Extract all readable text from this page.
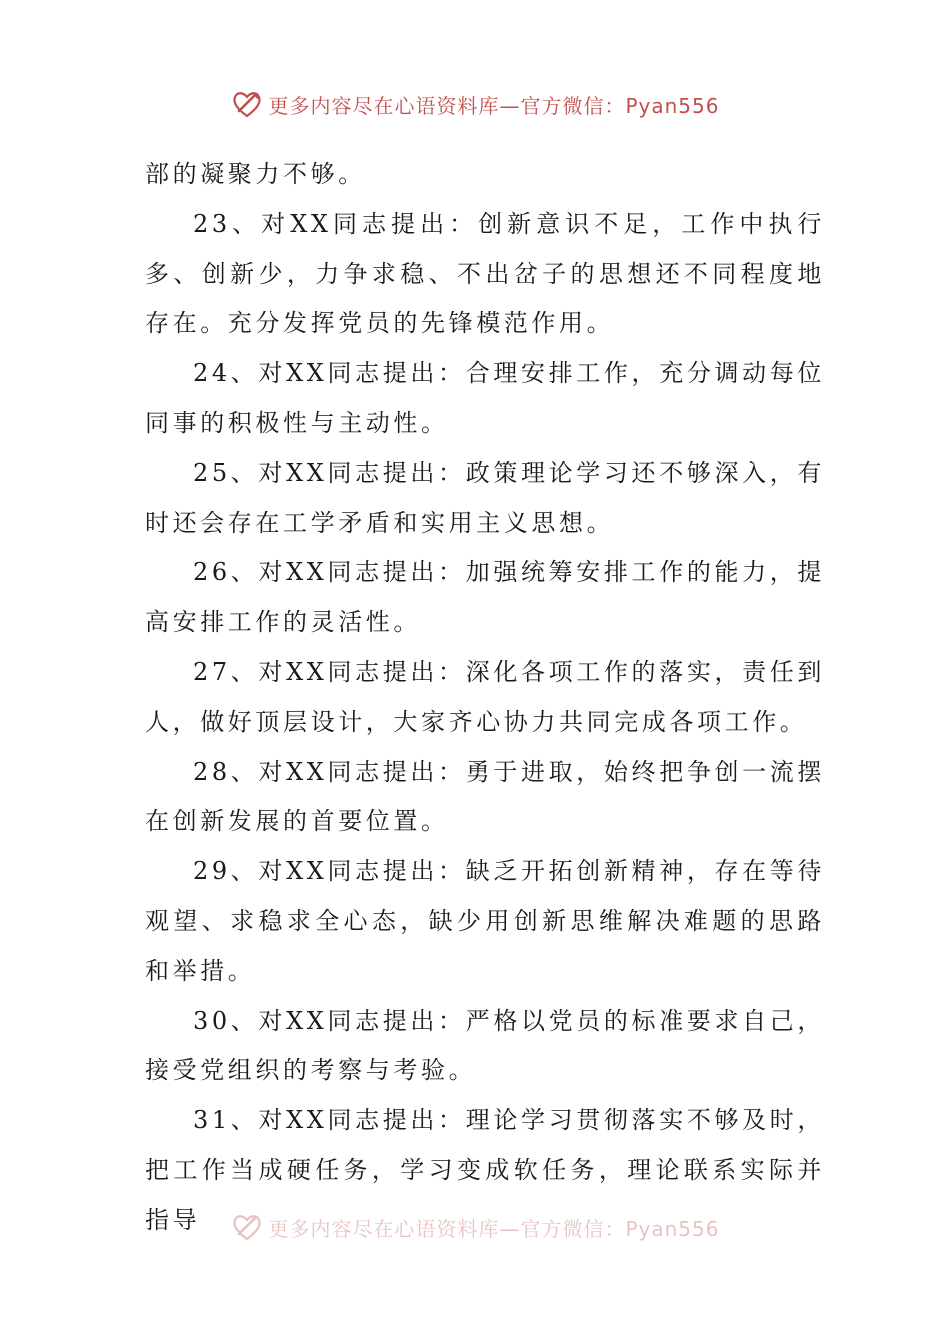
更多内容尽在心语资料库—官方微信：Pyan556

部的凝聚力不够。

23、对XX同志提出：创新意识不足，工作中执行多、创新少，力争求稳、不出岔子的思想还不同程度地存在。充分发挥党员的先锋模范作用。

24、对XX同志提出：合理安排工作，充分调动每位同事的积极性与主动性。

25、对XX同志提出：政策理论学习还不够深入，有时还会存在工学矛盾和实用主义思想。

26、对XX同志提出：加强统筹安排工作的能力，提高安排工作的灵活性。

27、对XX同志提出：深化各项工作的落实，责任到人，做好顶层设计，大家齐心协力共同完成各项工作。

28、对XX同志提出：勇于进取，始终把争创一流摆在创新发展的首要位置。

29、对XX同志提出：缺乏开拓创新精神，存在等待观望、求稳求全心态，缺少用创新思维解决难题的思路和举措。

30、对XX同志提出：严格以党员的标准要求自己，接受党组织的考察与考验。

31、对XX同志提出：理论学习贯彻落实不够及时，把工作当成硬任务，学习变成软任务，理论联系实际并指导	更多内容尽在心语资料库—官方微信：Pyan556
